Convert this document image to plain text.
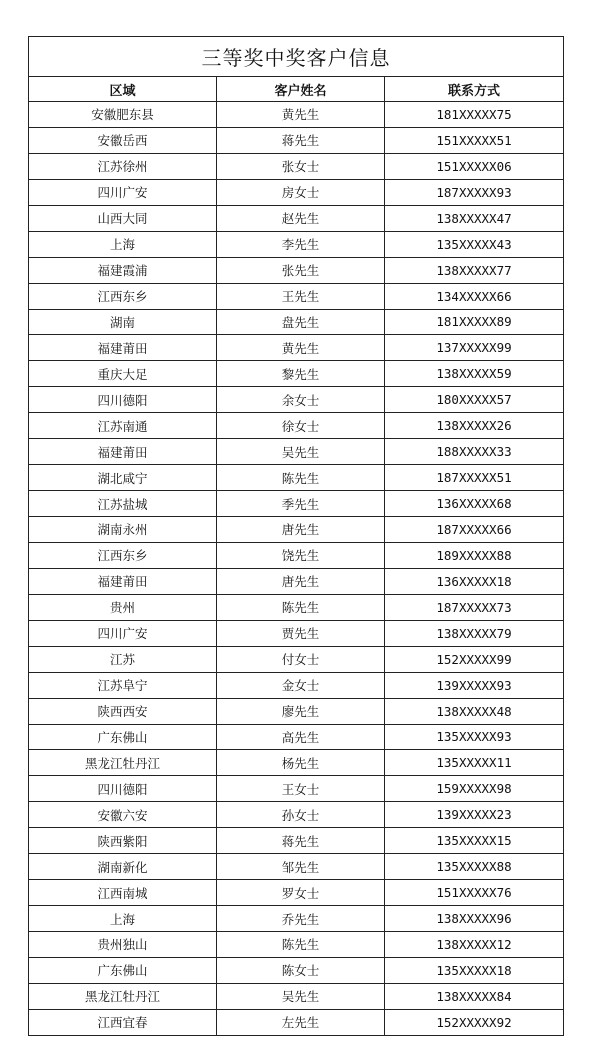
三等奖中奖客户信息		
区域	客户姓名	联系方式
安徽肥东县	黄先生	181XXXXX75
安徽岳西	蒋先生	151XXXXX51
江苏徐州	张女士	151XXXXX06
四川广安	房女士	187XXXXX93
山西大同	赵先生	138XXXXX47
上海	李先生	135XXXXX43
福建霞浦	张先生	138XXXXX77
江西东乡	王先生	134XXXXX66
湖南	盘先生	181XXXXX89
福建莆田	黄先生	137XXXXX99
重庆大足	黎先生	138XXXXX59
四川德阳	余女士	180XXXXX57
江苏南通	徐女士	138XXXXX26
福建莆田	吴先生	188XXXXX33
湖北咸宁	陈先生	187XXXXX51
江苏盐城	季先生	136XXXXX68
湖南永州	唐先生	187XXXXX66
江西东乡	饶先生	189XXXXX88
福建莆田	唐先生	136XXXXX18
贵州	陈先生	187XXXXX73
四川广安	贾先生	138XXXXX79
江苏	付女士	152XXXXX99
江苏阜宁	金女士	139XXXXX93
陕西西安	廖先生	138XXXXX48
广东佛山	高先生	135XXXXX93
黑龙江牡丹江	杨先生	135XXXXX11
四川德阳	王女士	159XXXXX98
安徽六安	孙女士	139XXXXX23
陕西紫阳	蒋先生	135XXXXX15
湖南新化	邹先生	135XXXXX88
江西南城	罗女士	151XXXXX76
上海	乔先生	138XXXXX96
贵州独山	陈先生	138XXXXX12
广东佛山	陈女士	135XXXXX18
黑龙江牡丹江	吴先生	138XXXXX84
江西宜春	左先生	152XXXXX92
